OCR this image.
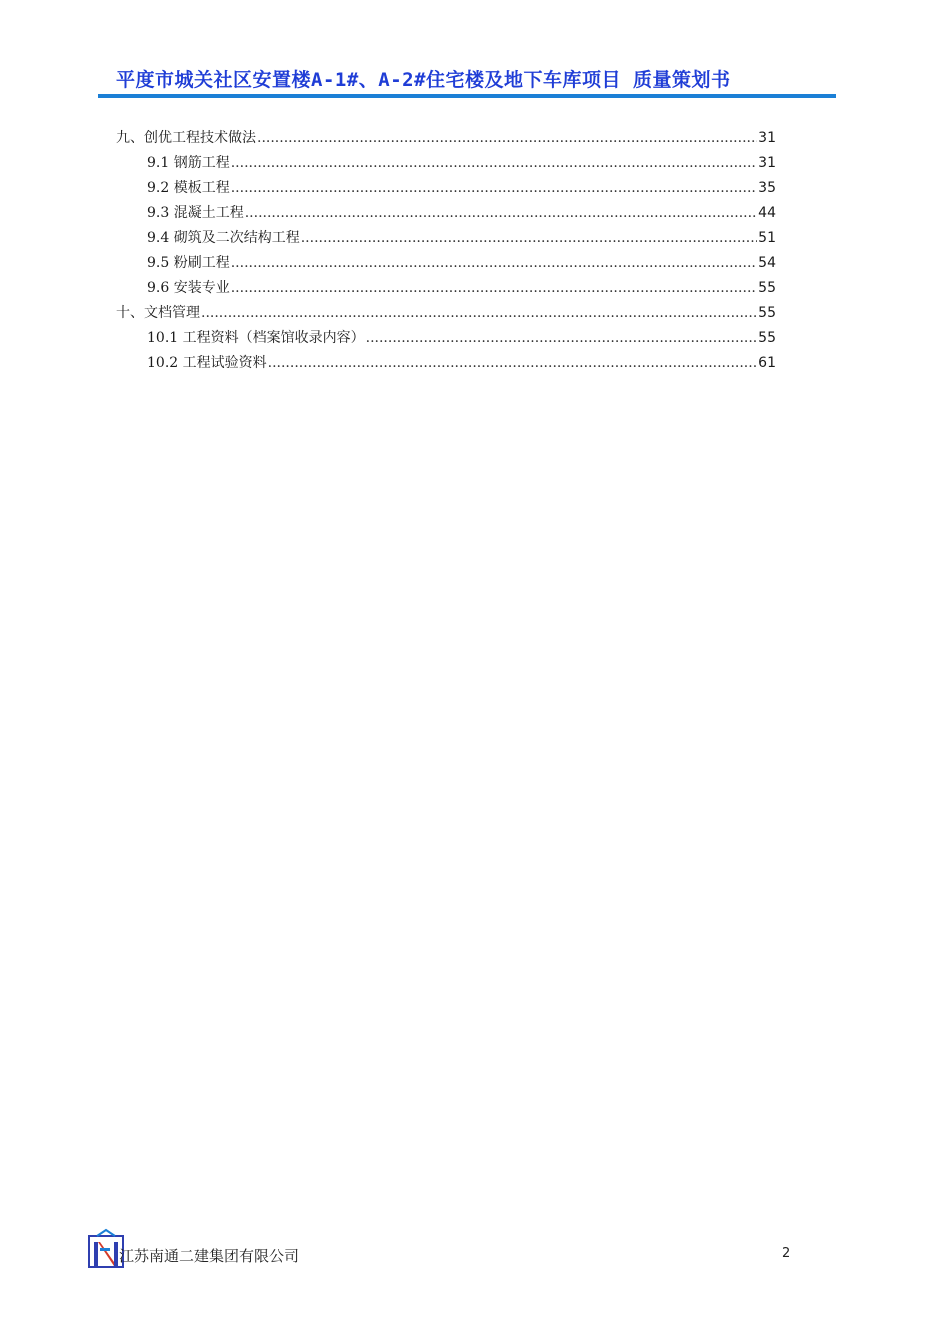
平度市城关社区安置楼A-1#、A-2#住宅楼及地下车库项目 质量策划书
九、创优工程技术做法 .....	31
9.1 钢筋工程 .....	31
9.2 模板工程 .....	35
9.3 混凝土工程 .....	44
9.4 砌筑及二次结构工程 .....	51
9.5 粉刷工程 .....	54
9.6 安装专业 .....	55
十、文档管理 .....	55
10.1 工程资料（档案馆收录内容） .....	55
10.2 工程试验资料 .....	61
江苏南通二建集团有限公司	2
